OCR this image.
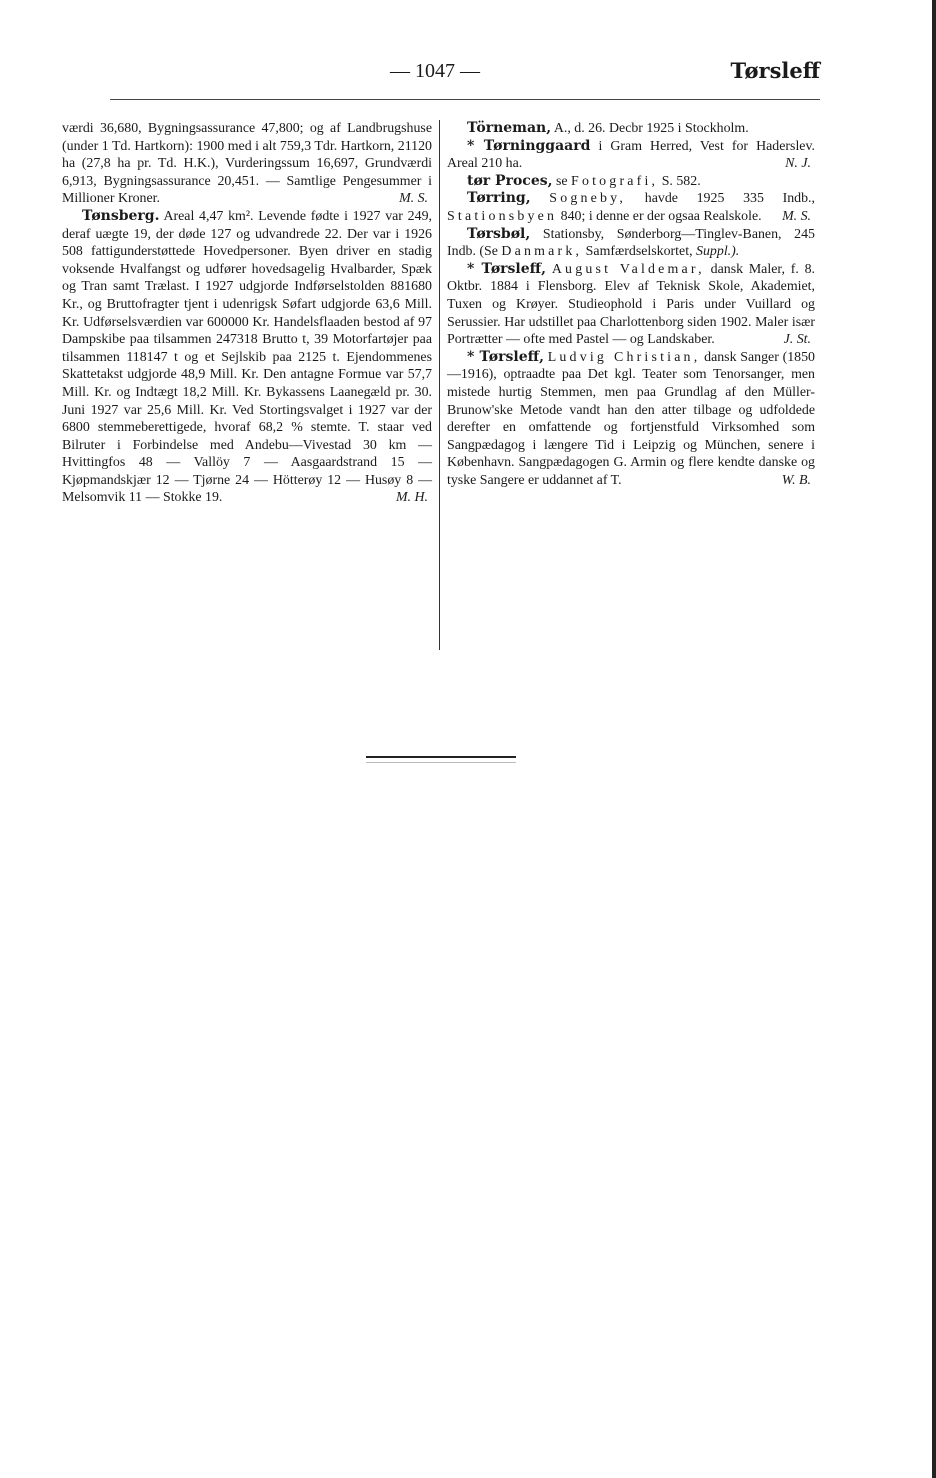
— 1047 —	Tørsleff

værdi 36,680, Bygningsassurance 47,800; og af Landbrugshuse (under 1 Td. Hartkorn): 1900 med i alt 759,3 Tdr. Hartkorn, 21120 ha (27,8 ha pr. Td. H.K.), Vurderingssum 16,697, Grundværdi 6,913, Bygningsassurance 20,451. — Samtlige Pengesummer i Millioner Kroner.	M. S.

Tønsberg. Areal 4,47 km². Levende fødte i 1927 var 249, deraf uægte 19, der døde 127 og udvandrede 22. Der var i 1926 508 fattigunderstøttede Hovedpersoner. Byen driver en stadig voksende Hvalfangst og udfører hovedsagelig Hvalbarder, Spæk og Tran samt Trælast. I 1927 udgjorde Indførselstolden 881680 Kr., og Bruttofragter tjent i udenrigsk Søfart udgjorde 63,6 Mill. Kr. Udførselsværdien var 600000 Kr. Handelsflaaden bestod af 97 Dampskibe paa tilsammen 247318 Brutto t, 39 Motorfartøjer paa tilsammen 118147 t og et Sejlskib paa 2125 t. Ejendommenes Skattetakst udgjorde 48,9 Mill. Kr. Den antagne Formue var 57,7 Mill. Kr. og Indtægt 18,2 Mill. Kr. Bykassens Laanegæld pr. 30. Juni 1927 var 25,6 Mill. Kr. Ved Stortingsvalget i 1927 var der 6800 stemmeberettigede, hvoraf 68,2 % stemte. T. staar ved Bilruter i Forbindelse med Andebu—Vivestad 30 km — Hvittingfos 48 — Vallöy 7 — Aasgaardstrand 15 — Kjøpmandskjær 12 — Tjørne 24 — Hötterøy 12 — Husøy 8 — Melsomvik 11 — Stokke 19.	M. H.

Törneman, A., d. 26. Decbr 1925 i Stockholm.

* Tørninggaard i Gram Herred, Vest for Haderslev. Areal 210 ha.	N. J.

tør Proces, se Fotografi, S. 582.

Tørring, Sogneby, havde 1925 335 Indb., Stationsbyen 840; i denne er der ogsaa Realskole.	M. S.

Tørsbøl, Stationsby, Sønderborg—Tinglev-Banen, 245 Indb. (Se Danmark, Samfærdselskortet, Suppl.).

* Tørsleff, August Valdemar, dansk Maler, f. 8. Oktbr. 1884 i Flensborg. Elev af Teknisk Skole, Akademiet, Tuxen og Krøyer. Studieophold i Paris under Vuillard og Serussier. Har udstillet paa Charlottenborg siden 1902. Maler især Portrætter — ofte med Pastel — og Landskaber.	J. St.

* Tørsleff, Ludvig Christian, dansk Sanger (1850—1916), optraadte paa Det kgl. Teater som Tenorsanger, men mistede hurtig Stemmen, men paa Grundlag af den Müller-Brunow'ske Metode vandt han den atter tilbage og udfoldede derefter en omfattende og fortjenstfuld Virksomhed som Sangpædagog i længere Tid i Leipzig og München, senere i København. Sangpædagogen G. Armin og flere kendte danske og tyske Sangere er uddannet af T.	W. B.
